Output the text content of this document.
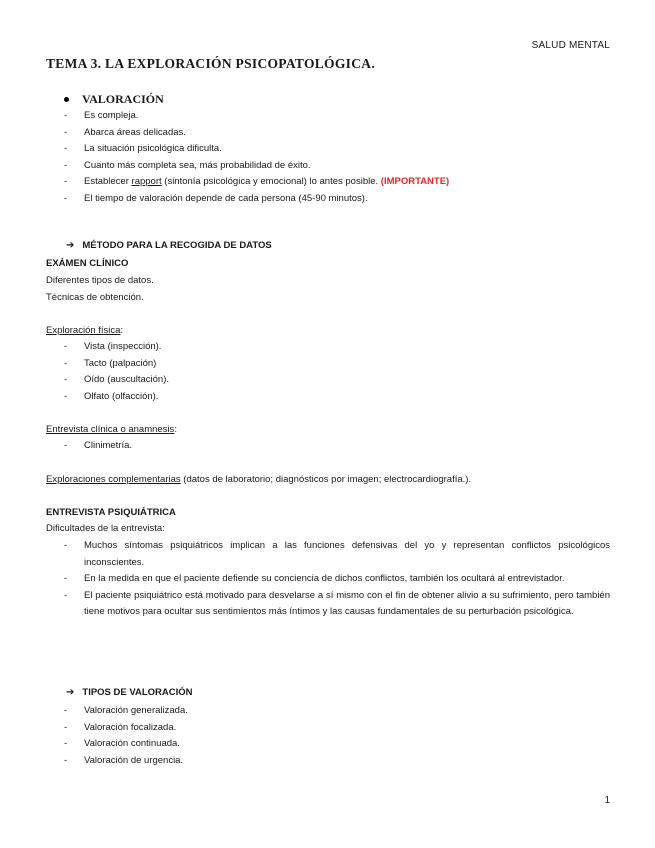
SALUD MENTAL
TEMA 3. LA EXPLORACIÓN PSICOPATOLÓGICA.
VALORACIÓN
- Es compleja.
- Abarca áreas delicadas.
- La situación psicológica dificulta.
- Cuanto más completa sea, más probabilidad de éxito.
- Establecer rapport (sintonía psicológica y emocional) lo antes posible. (IMPORTANTE)
- El tiempo de valoración depende de cada persona (45-90 minutos).
➔ MÉTODO PARA LA RECOGIDA DE DATOS
EXÁMEN CLÍNICO
Diferentes tipos de datos.
Técnicas de obtención.
Exploración física:
- Vista (inspección).
- Tacto (palpación)
- Oído (auscultación).
- Olfato (olfacción).
Entrevista clínica o anamnesis:
- Clinimetría.
Exploraciones complementarias (datos de laboratorio; diagnósticos por imagen; electrocardiografía.).
ENTREVISTA PSIQUIÁTRICA
Dificultades de la entrevista:
- Muchos síntomas psiquiátricos implican a las funciones defensivas del yo y representan conflictos psicológicos inconscientes.
- En la medida en que el paciente defiende su conciencia de dichos conflictos, también los ocultará al entrevistador.
- El paciente psiquiátrico está motivado para desvelarse a sí mismo con el fin de obtener alivio a su sufrimiento, pero también tiene motivos para ocultar sus sentimientos más íntimos y las causas fundamentales de su perturbación psicológica.
➔ TIPOS DE VALORACIÓN
- Valoración generalizada.
- Valoración focalizada.
- Valoración continuada.
- Valoración de urgencia.
1
